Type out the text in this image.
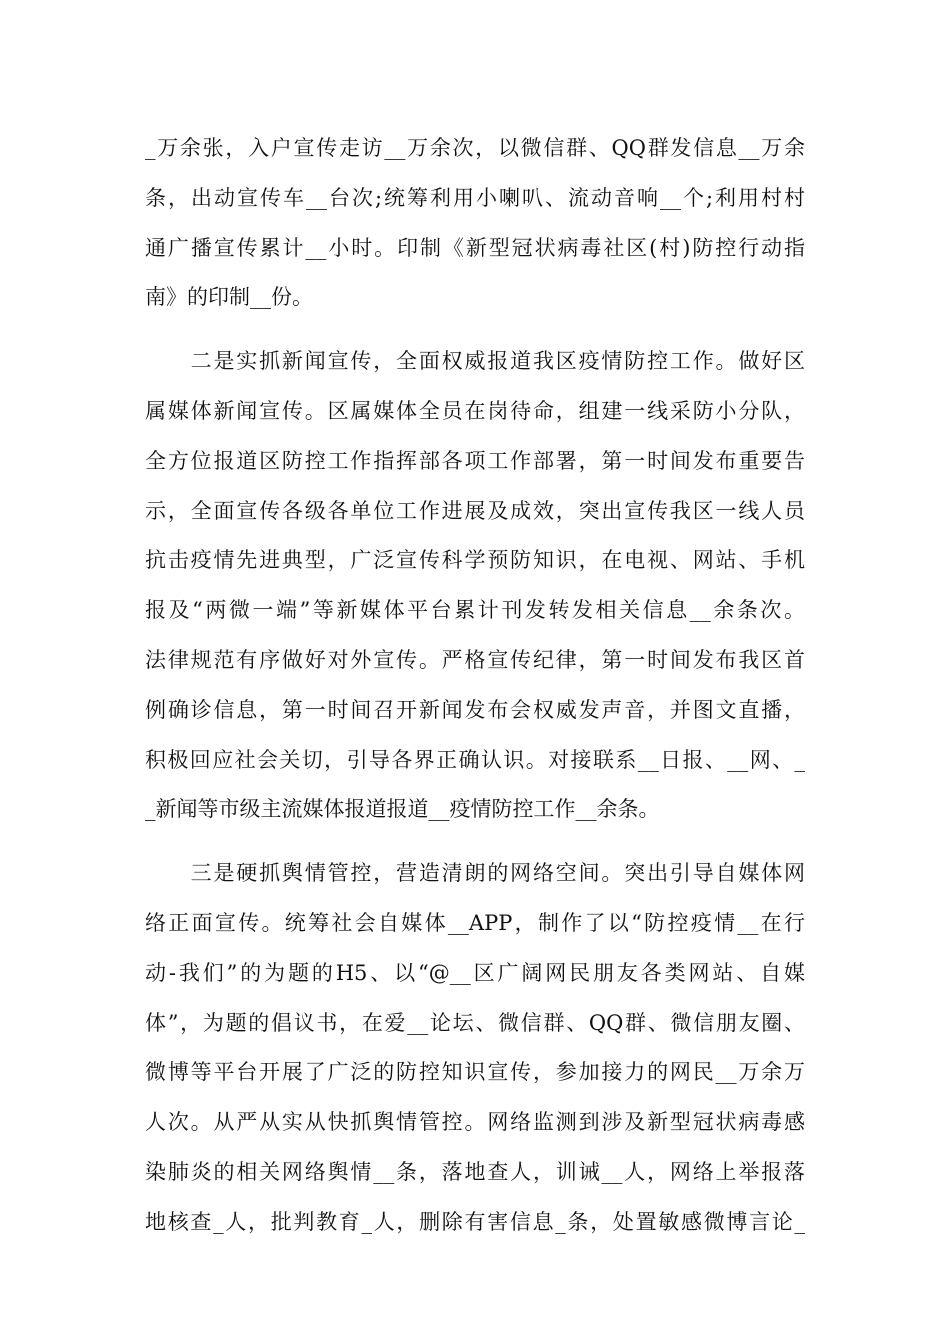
_万余张，入户宣传走访__万余次，以微信群、QQ群发信息__万余
条，出动宣传车__台次;统筹利用小喇叭、流动音响__个;利用村村
通广播宣传累计__小时。印制《新型冠状病毒社区(村)防控行动指
南》的印制__份。
　　二是实抓新闻宣传，全面权威报道我区疫情防控工作。做好区
属媒体新闻宣传。区属媒体全员在岗待命，组建一线采防小分队，
全方位报道区防控工作指挥部各项工作部署，第一时间发布重要告
示，全面宣传各级各单位工作进展及成效，突出宣传我区一线人员
抗击疫情先进典型，广泛宣传科学预防知识，在电视、网站、手机
报及“两微一端”等新媒体平台累计刊发转发相关信息__余条次。
法律规范有序做好对外宣传。严格宣传纪律，第一时间发布我区首
例确诊信息，第一时间召开新闻发布会权威发声音，并图文直播，
积极回应社会关切，引导各界正确认识。对接联系__日报、__网、_
_新闻等市级主流媒体报道报道__疫情防控工作__余条。
　　三是硬抓舆情管控，营造清朗的网络空间。突出引导自媒体网
络正面宣传。统筹社会自媒体__APP，制作了以“防控疫情__在行
动-我们”的为题的H5、以“@__区广阔网民朋友各类网站、自媒
体”，为题的倡议书，在爱__论坛、微信群、QQ群、微信朋友圈、
微博等平台开展了广泛的防控知识宣传，参加接力的网民__万余万
人次。从严从实从快抓舆情管控。网络监测到涉及新型冠状病毒感
染肺炎的相关网络舆情__条，落地查人，训诫__人，网络上举报落
地核查_人，批判教育_人，删除有害信息_条，处置敏感微博言论_
